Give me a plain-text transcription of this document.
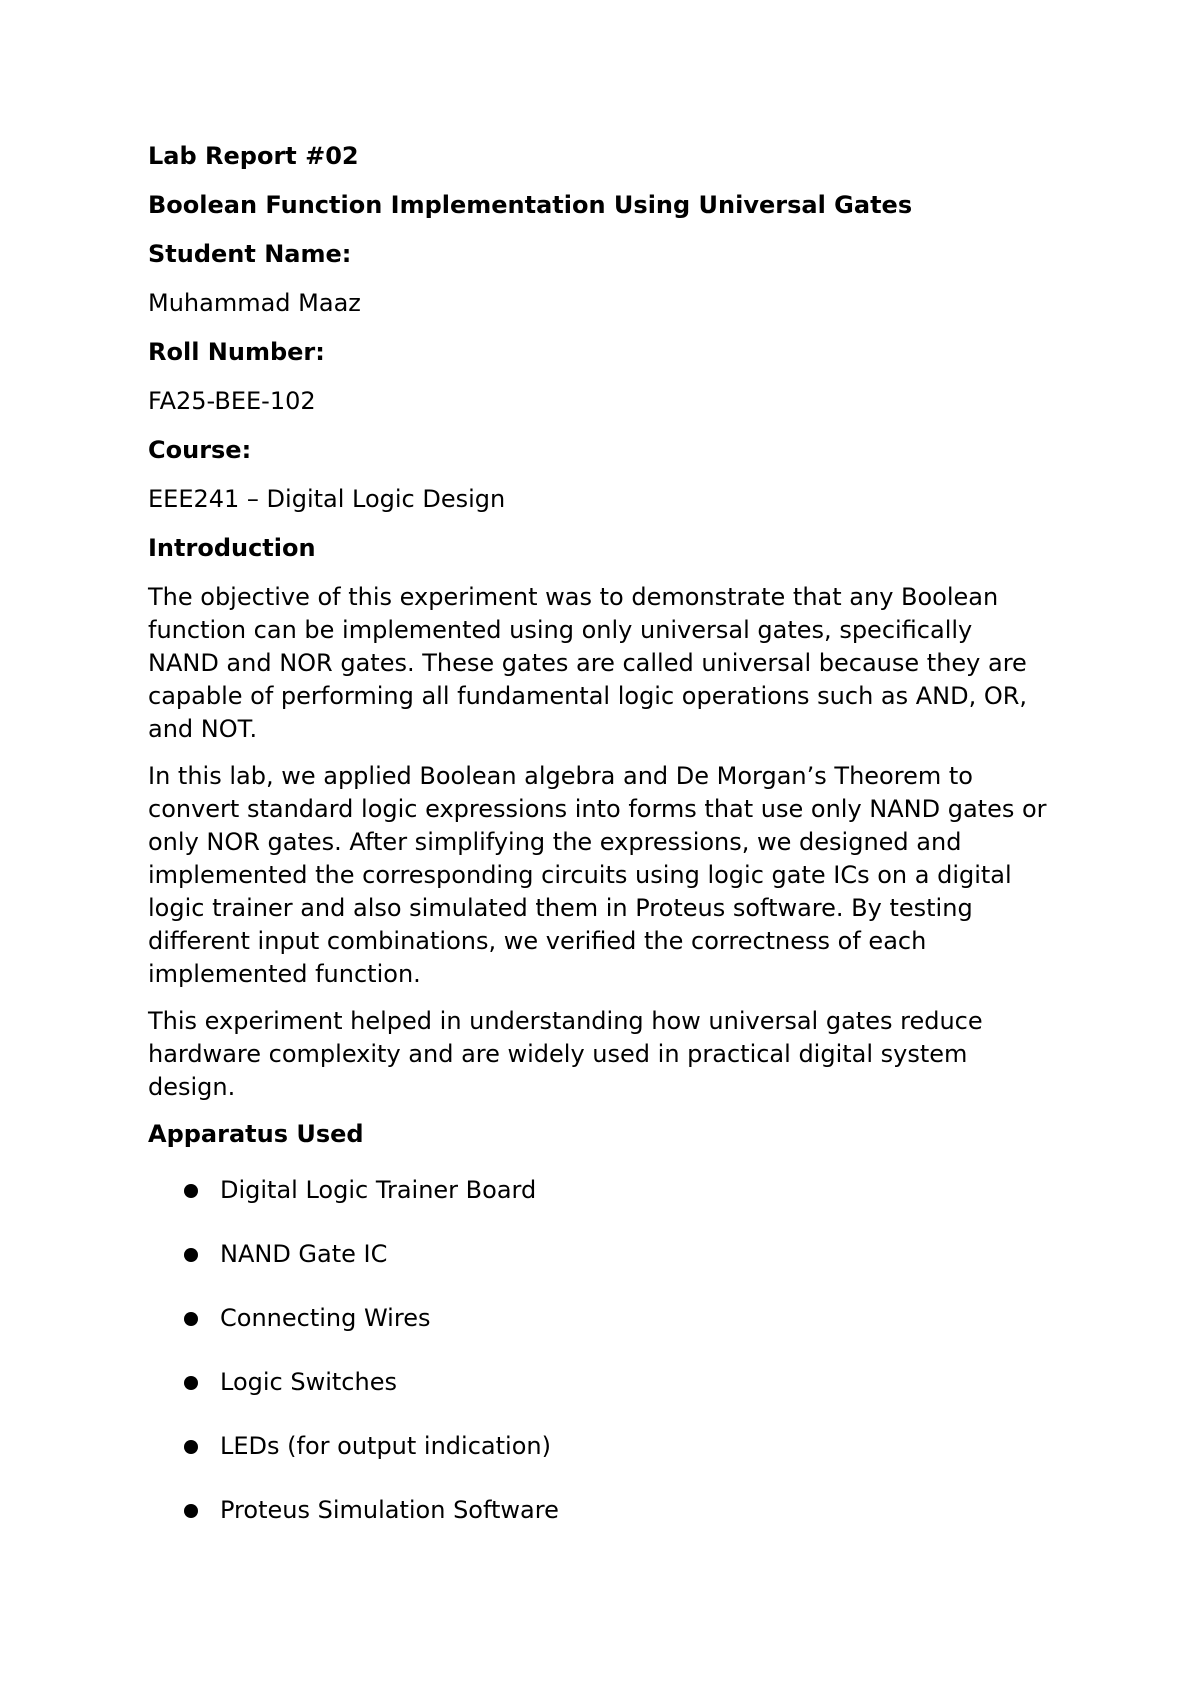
Lab Report #02
Boolean Function Implementation Using Universal Gates
Student Name:
Muhammad Maaz
Roll Number:
FA25-BEE-102
Course:
EEE241 – Digital Logic Design
Introduction
The objective of this experiment was to demonstrate that any Boolean
function can be implemented using only universal gates, specifically
NAND and NOR gates. These gates are called universal because they are
capable of performing all fundamental logic operations such as AND, OR,
and NOT.
In this lab, we applied Boolean algebra and De Morgan’s Theorem to
convert standard logic expressions into forms that use only NAND gates or
only NOR gates. After simplifying the expressions, we designed and
implemented the corresponding circuits using logic gate ICs on a digital
logic trainer and also simulated them in Proteus software. By testing
different input combinations, we verified the correctness of each
implemented function.
This experiment helped in understanding how universal gates reduce
hardware complexity and are widely used in practical digital system
design.
Apparatus Used
Digital Logic Trainer Board
NAND Gate IC
Connecting Wires
Logic Switches
LEDs (for output indication)
Proteus Simulation Software
